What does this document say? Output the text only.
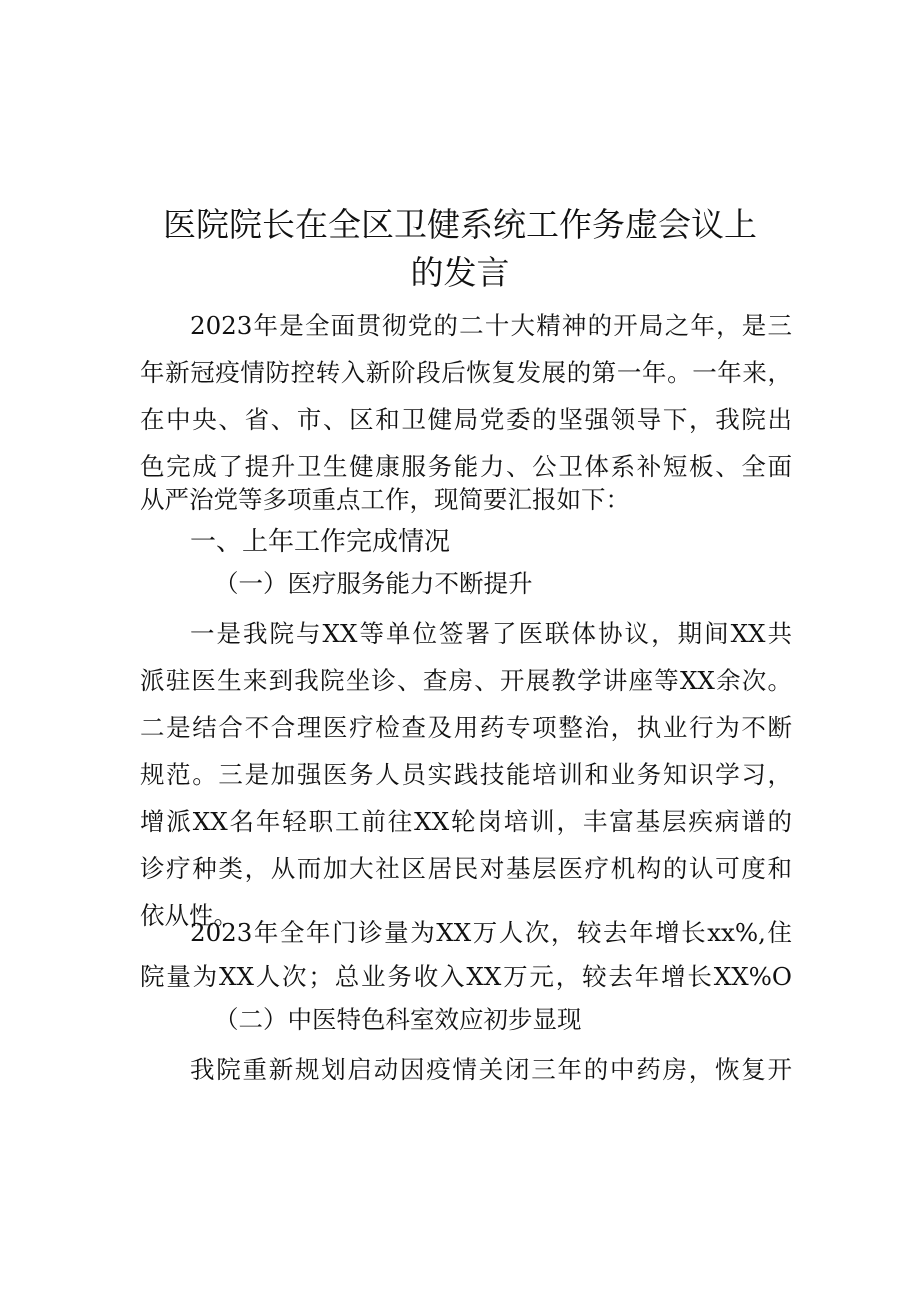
医院院长在全区卫健系统工作务虚会议上
的发言
2023年是全面贯彻党的二十大精神的开局之年，是三
年新冠疫情防控转入新阶段后恢复发展的第一年。一年来，
在中央、省、市、区和卫健局党委的坚强领导下，我院出
色完成了提升卫生健康服务能力、公卫体系补短板、全面
从严治党等多项重点工作，现简要汇报如下：
一、上年工作完成情况
（一）医疗服务能力不断提升
一是我院与XX等单位签署了医联体协议，期间XX共
派驻医生来到我院坐诊、查房、开展教学讲座等XX余次。
二是结合不合理医疗检查及用药专项整治，执业行为不断
规范。三是加强医务人员实践技能培训和业务知识学习，
增派XX名年轻职工前往XX轮岗培训，丰富基层疾病谱的
诊疗种类，从而加大社区居民对基层医疗机构的认可度和
依从性。
2023年全年门诊量为XX万人次，较去年增长xx%,住
院量为XX人次；总业务收入XX万元，较去年增长XX%O
（二）中医特色科室效应初步显现
我院重新规划启动因疫情关闭三年的中药房，恢复开
